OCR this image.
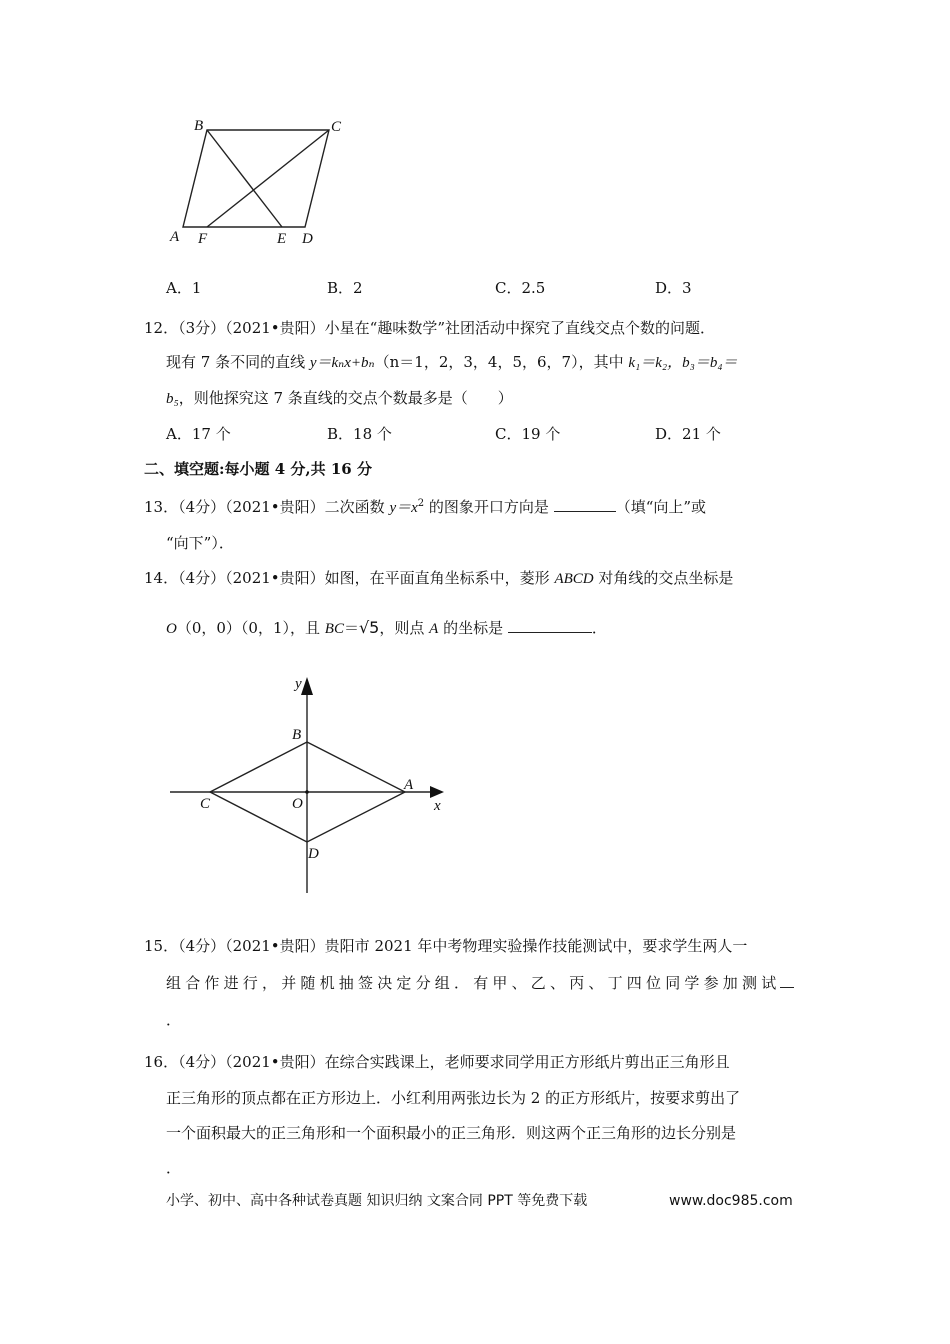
B	C
A F	E D
A．1	B．2	C．2.5	D．3
12．（3分）（2021•贵阳）小星在“趣味数学”社团活动中探究了直线交点个数的问题．
现有 7 条不同的直线 y＝kₙx+bₙ（n＝1，2，3，4，5，6，7），其中 k₁＝k₂，b₃＝b₄＝
b₅，则他探究这 7 条直线的交点个数最多是（　　）
A．17 个	B．18 个	C．19 个	D．21 个
二、填空题:每小题 4 分,共 16 分
13．（4分）（2021•贵阳）二次函数 $y=x^2$ 的图象开口方向是	（填“向上”或
“向下”）．
14．（4分）（2021•贵阳）如图，在平面直角坐标系中，菱形 ABCD 对角线的交点坐标是
O（0，0）（0，1），且 BC＝√5，则点 A 的坐标是	．
y
x
B
A
C	O
D
15．（4分）（2021•贵阳）贵阳市 2021 年中考物理实验操作技能测试中，要求学生两人一
组合作进行，并随机抽签决定分组．有甲、乙、丙、丁四位同学参加测试
．
16．（4分）（2021•贵阳）在综合实践课上，老师要求同学用正方形纸片剪出正三角形且
正三角形的顶点都在正方形边上．小红利用两张边长为 2 的正方形纸片，按要求剪出了
一个面积最大的正三角形和一个面积最小的正三角形．则这两个正三角形的边长分别是
．
小学、初中、高中各种试卷真题 知识归纳 文案合同 PPT 等免费下载	www.doc985.com
